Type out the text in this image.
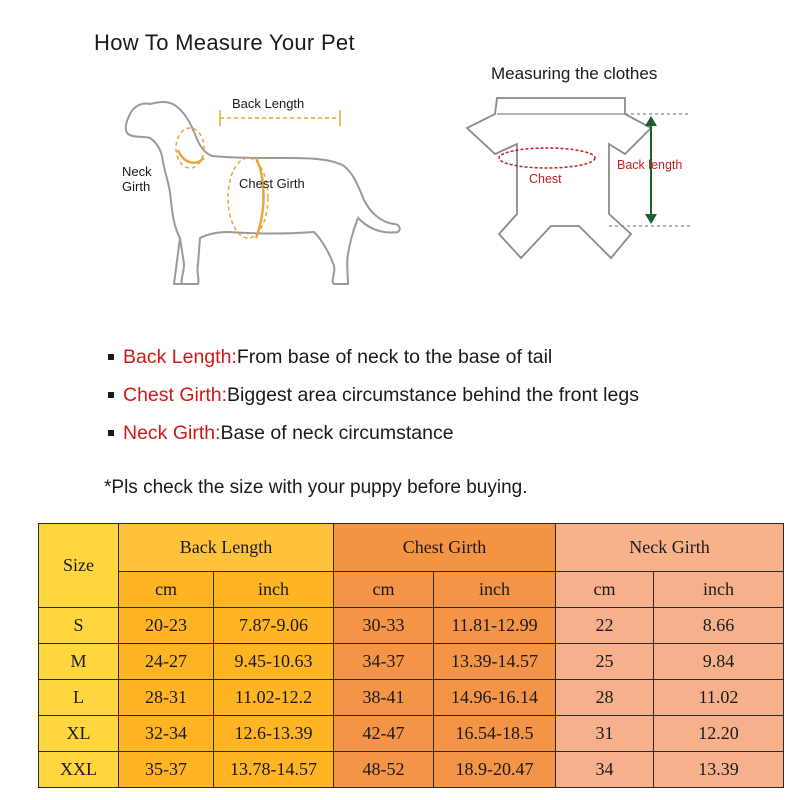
How To Measure Your Pet
Back Length
Neck
Girth	Chest Girth
Measuring the clothes
Chest
Back length
Back Length: From base of neck to the base of tail
Chest Girth: Biggest area circumstance behind the front legs
Neck Girth: Base of neck circumstance
*Pls check the size with your puppy before buying.
Size	Back Length		Chest Girth		Neck Girth	
	cm	inch	cm	inch	cm	inch
S	20-23	7.87-9.06	30-33	11.81-12.99	22	8.66
M	24-27	9.45-10.63	34-37	13.39-14.57	25	9.84
L	28-31	11.02-12.2	38-41	14.96-16.14	28	11.02
XL	32-34	12.6-13.39	42-47	16.54-18.5	31	12.20
XXL	35-37	13.78-14.57	48-52	18.9-20.47	34	13.39
